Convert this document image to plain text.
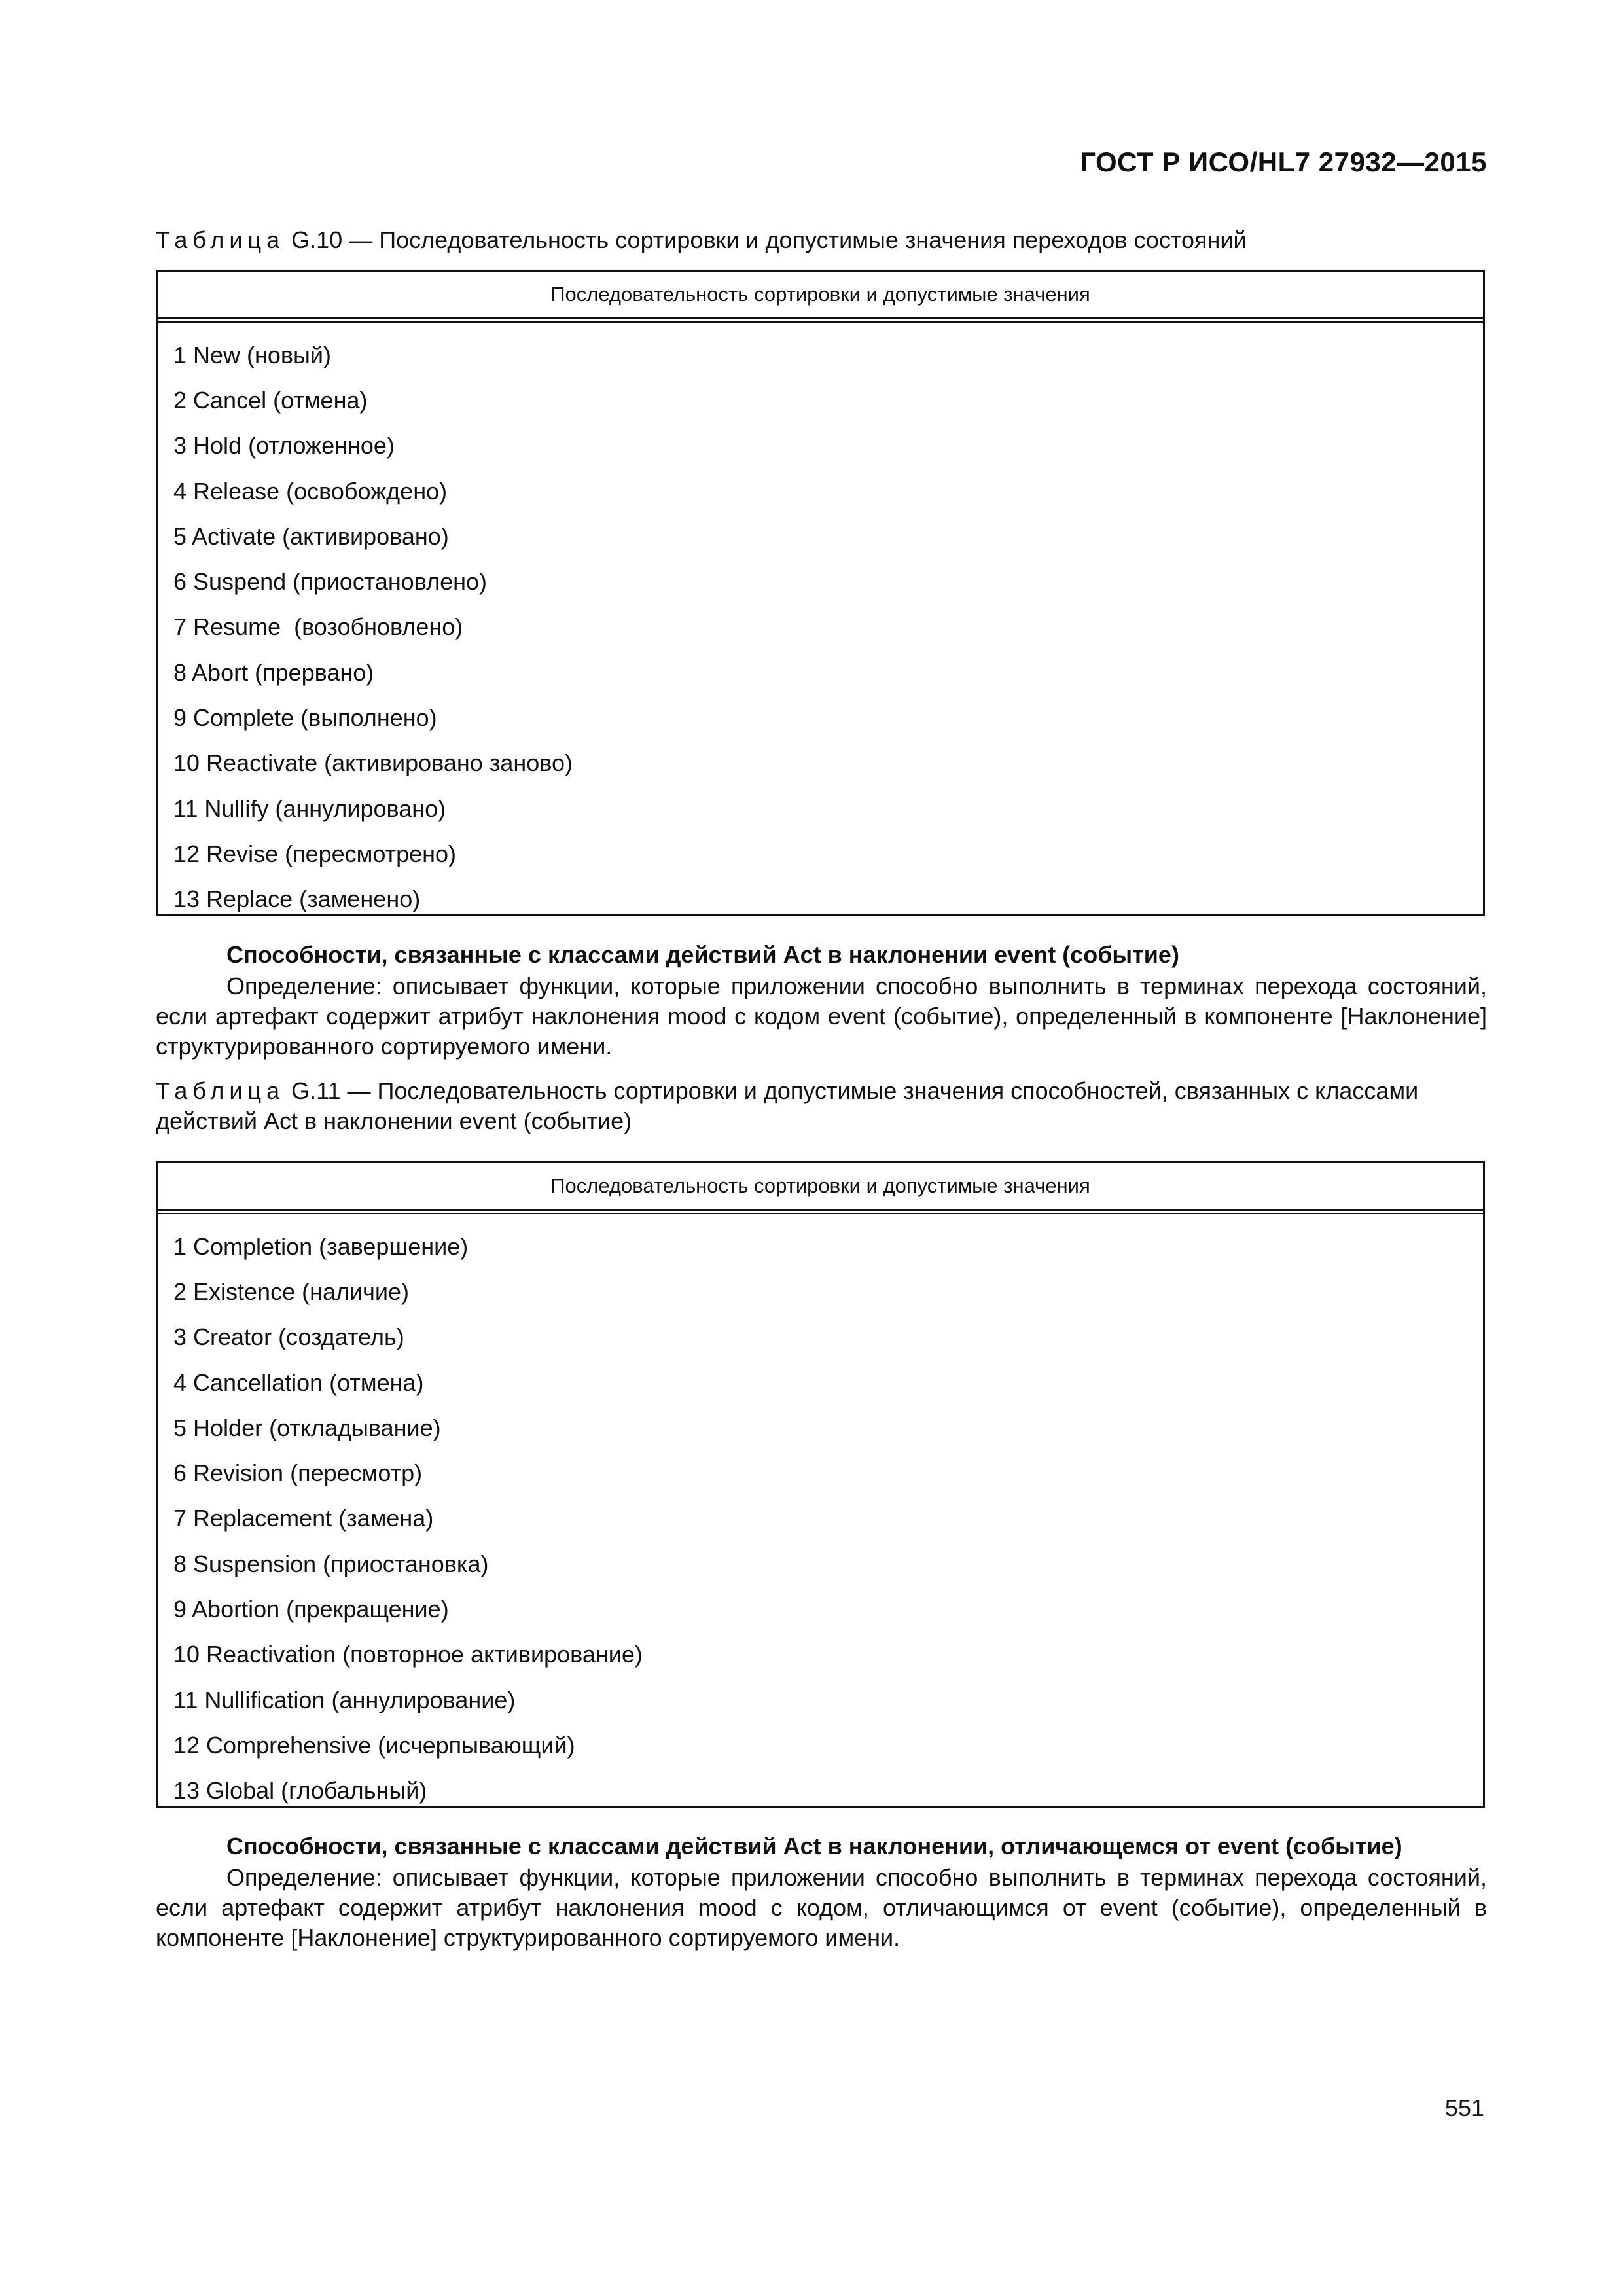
ГОСТ Р ИСО/HL7 27932—2015
Таблица G.10 — Последовательность сортировки и допустимые значения переходов состояний
Последовательность сортировки и допустимые значения
1 New (новый)
2 Cancel (отмена)
3 Hold (отложенное)
4 Release (освобождено)
5 Activate (активировано)
6 Suspend (приостановлено)
7 Resume  (возобновлено)
8 Abort (прервано)
9 Complete (выполнено)
10 Reactivate (активировано заново)
11 Nullify (аннулировано)
12 Revise (пересмотрено)
13 Replace (заменено)
Способности, связанные с классами действий Act в наклонении event (событие)
Определение: описывает функции, которые приложении способно выполнить в терминах перехода состояний, если артефакт содержит атрибут наклонения mood с кодом event (событие), определенный в компоненте [Наклонение] структурированного сортируемого имени.
Таблица G.11 — Последовательность сортировки и допустимые значения способностей, связанных с классами действий Act в наклонении event (событие)
Последовательность сортировки и допустимые значения
1 Completion (завершение)
2 Existence (наличие)
3 Creator (создатель)
4 Cancellation (отмена)
5 Holder (откладывание)
6 Revision (пересмотр)
7 Replacement (замена)
8 Suspension (приостановка)
9 Abortion (прекращение)
10 Reactivation (повторное активирование)
11 Nullification (аннулирование)
12 Comprehensive (исчерпывающий)
13 Global (глобальный)
Способности, связанные с классами действий Act в наклонении, отличающемся от event (событие)
Определение: описывает функции, которые приложении способно выполнить в терминах перехода состояний, если артефакт содержит атрибут наклонения mood с кодом, отличающимся от event (событие), определенный в компоненте [Наклонение] структурированного сортируемого имени.
551
